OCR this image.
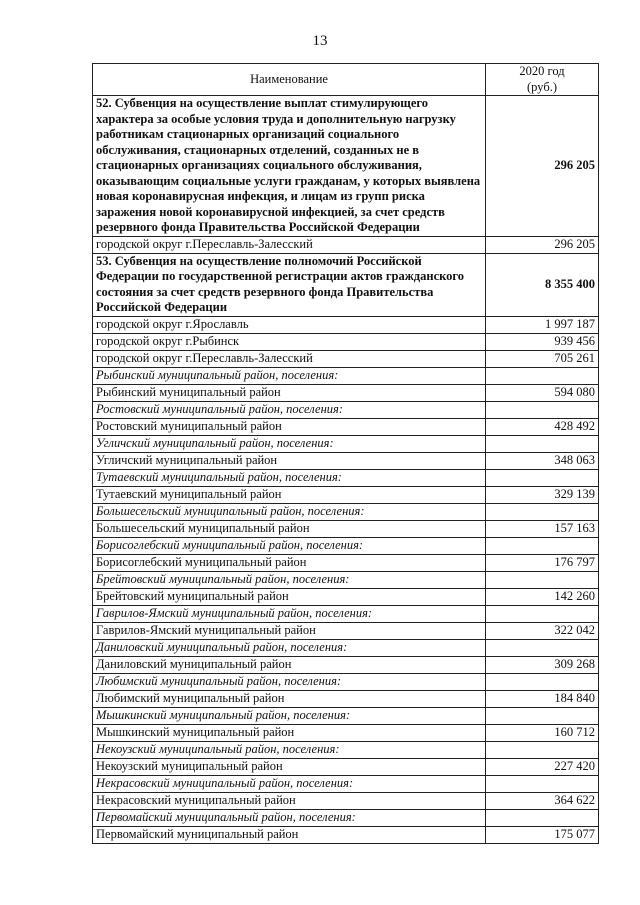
13
Наименование	2020 год
(руб.)

52. Субвенция на осуществление выплат стимулирующего характера за особые условия труда и дополнительную нагрузку работникам стационарных организаций социального обслуживания, стационарных отделений, созданных не в стационарных организациях социального обслуживания, оказывающим социальные услуги гражданам, у которых выявлена новая коронавирусная инфекция, и лицам из групп риска заражения новой коронавирусной инфекцией, за счет средств резервного фонда Правительства Российской Федерации	296 205
городской округ г.Переславль-Залесский	296 205
53. Субвенция на осуществление полномочий Российской Федерации по государственной регистрации актов гражданского состояния за счет средств резервного фонда Правительства Российской Федерации	8 355 400
городской округ г.Ярославль	1 997 187
городской округ г.Рыбинск	939 456
городской округ г.Переславль-Залесский	705 261
Рыбинский муниципальный район, поселения:	
Рыбинский муниципальный район	594 080
Ростовский муниципальный район, поселения:	
Ростовский муниципальный район	428 492
Угличский муниципальный район, поселения:	
Угличский муниципальный район	348 063
Тутаевский муниципальный район, поселения:	
Тутаевский муниципальный район	329 139
Большесельский муниципальный район, поселения:	
Большесельский муниципальный район	157 163
Борисоглебский муниципальный район, поселения:	
Борисоглебский муниципальный район	176 797
Брейтовский муниципальный район, поселения:	
Брейтовский муниципальный район	142 260
Гаврилов-Ямский муниципальный район, поселения:	
Гаврилов-Ямский муниципальный район	322 042
Даниловский муниципальный район, поселения:	
Даниловский муниципальный район	309 268
Любимский муниципальный район, поселения:	
Любимский муниципальный район	184 840
Мышкинский муниципальный район, поселения:	
Мышкинский муниципальный район	160 712
Некоузский муниципальный район, поселения:	
Некоузский муниципальный район	227 420
Некрасовский муниципальный район, поселения:	
Некрасовский муниципальный район	364 622
Первомайский муниципальный район, поселения:	
Первомайский муниципальный район	175 077
